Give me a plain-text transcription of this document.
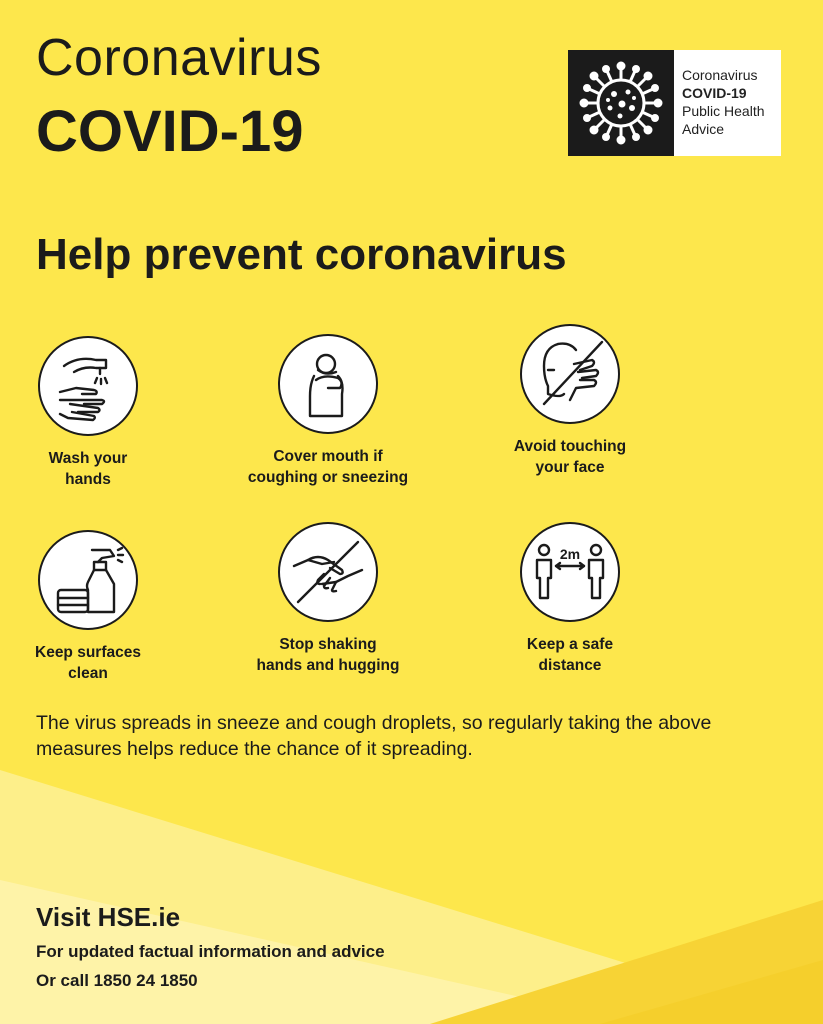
Coronavirus
COVID-19
Coronavirus
COVID-19
Public Health
Advice
Help prevent coronavirus
Wash your
hands
Cover mouth if
coughing or sneezing
Avoid touching
your face
Keep surfaces
clean
Stop shaking
hands and hugging
2m
Keep a safe
distance
The virus spreads in sneeze and cough droplets, so regularly taking the above measures helps reduce the chance of it spreading.
Visit HSE.ie
For updated factual information and advice
Or call 1850 24 1850
